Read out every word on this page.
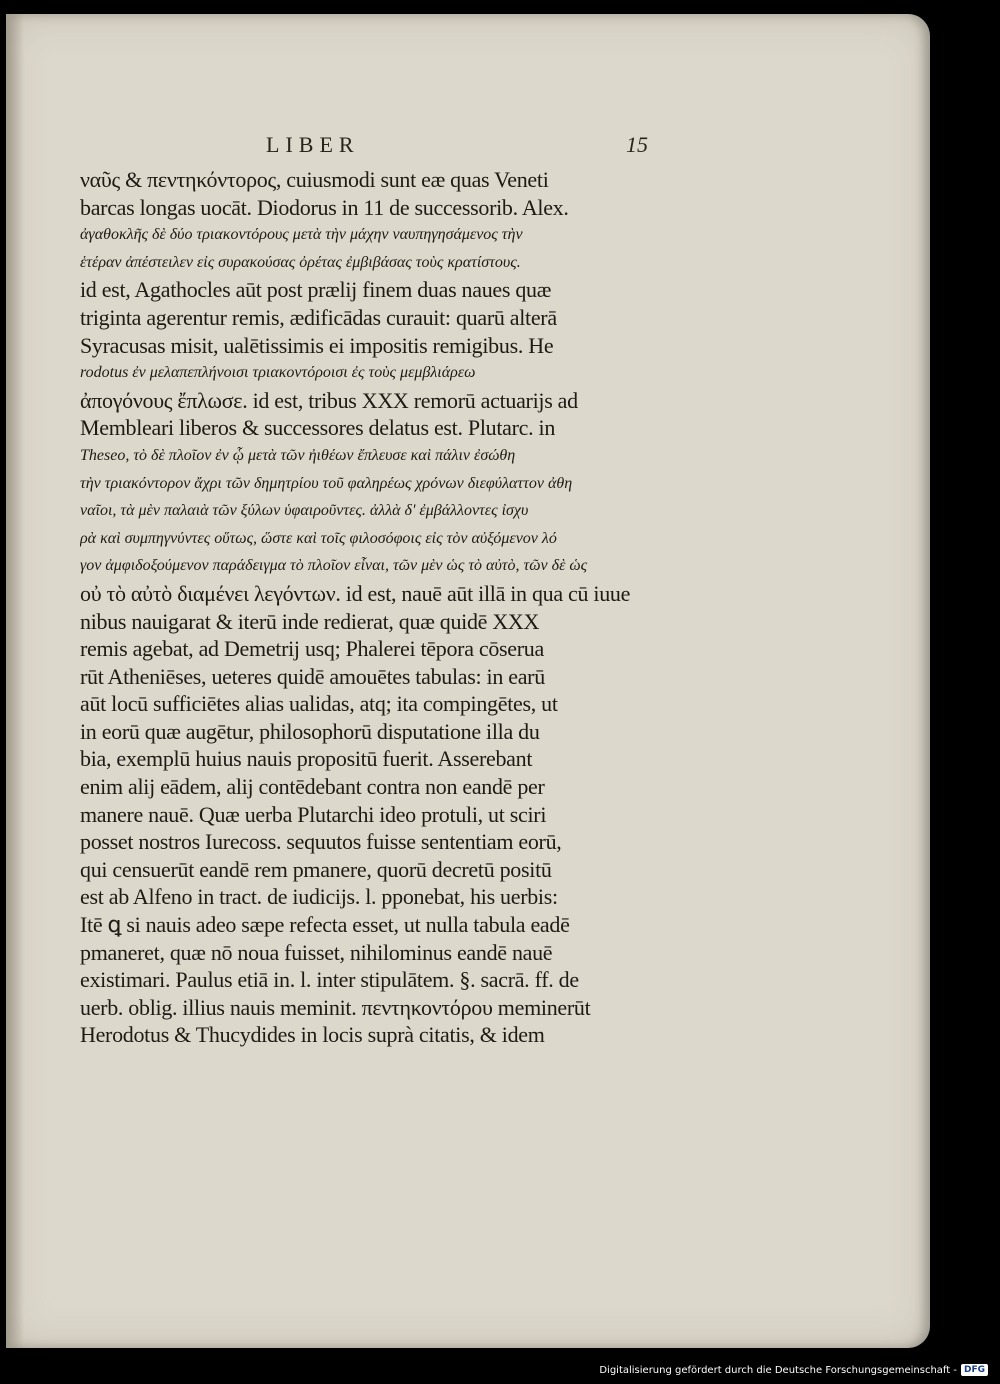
LIBER	15
ναῦς & πεντηκόντορος, cuiusmodi sunt eæ quas Veneti
barcas longas uocāt. Diodorus in 11 de successorib. Alex.
ἀγαθοκλῆς δὲ δύο τριακοντόρους μετὰ τὴν μάχην ναυπηγησάμενος τὴν
ἑτέραν ἀπέστειλεν εἰς συρακούσας ὀρέτας ἐμβιβάσας τοὺς κρατίστους.
id est, Agathocles aūt post prælij finem duas naues quæ
triginta agerentur remis, ædificādas curauit: quarū alterā
Syracusas misit, ualētissimis ei impositis remigibus. He
rodotus ἐν μελαπεπλήνοισι τριακοντόροισι ἐς τοὺς μεμβλιάρεω
ἀπογόνους ἔπλωσε. id est, tribus XXX remorū actuarijs ad
Membleari liberos & successores delatus est. Plutarc. in
Theseo, τὸ δὲ πλοῖον ἐν ᾧ μετὰ τῶν ἠιθέων ἔπλευσε καὶ πάλιν ἐσώθη
τὴν τριακόντορον ἄχρι τῶν δημητρίου τοῦ φαληρέως χρόνων διεφύλαττον ἀθη
ναῖοι, τὰ μὲν παλαιὰ τῶν ξύλων ὑφαιροῦντες. ἀλλὰ δ' ἐμβάλλοντες ἰσχυ
ρὰ καὶ συμπηγνύντες οὕτως, ὥστε καὶ τοῖς φιλοσόφοις εἰς τὸν αὐξόμενον λό
γον ἀμφιδοξούμενον παράδειγμα τὸ πλοῖον εἶναι, τῶν μὲν ὡς τὸ αὐτὸ, τῶν δὲ ὡς
οὐ τὸ αὐτὸ διαμένει λεγόντων. id est, nauē aūt illā in qua cū iuue
nibus nauigarat & iterū inde redierat, quæ quidē XXX
remis agebat, ad Demetrij usq; Phalerei tēpora cōserua
rūt Atheniēses, ueteres quidē amouētes tabulas: in earū
aūt locū sufficiētes alias ualidas, atq; ita compingētes, ut
in eorū quæ augētur, philosophorū disputatione illa du
bia, exemplū huius nauis propositū fuerit. Asserebant
enim alij eādem, alij contēdebant contra non eandē per
manere nauē. Quæ uerba Plutarchi ideo protuli, ut sciri
posset nostros Iurecoss. sequutos fuisse sententiam eorū,
qui censuerūt eandē rem pmanere, quorū decretū positū
est ab Alfeno in tract. de iudicijs. l. pponebat, his uerbis:
Itē ꝗ si nauis adeo sæpe refecta esset, ut nulla tabula eadē
pmaneret, quæ nō noua fuisset, nihilominus eandē nauē
existimari. Paulus etiā in. l. inter stipulātem. §. sacrā. ff. de
uerb. oblig. illius nauis meminit. πεντηκοντόρου meminerūt
Herodotus & Thucydides in locis suprà citatis, & idem
Digitalisierung gefördert durch die Deutsche Forschungsgemeinschaft - DFG
